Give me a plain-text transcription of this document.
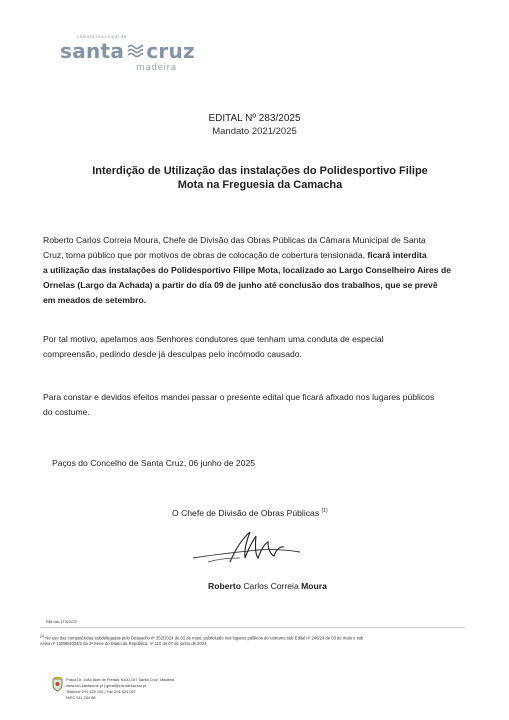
câmara municipal de
santa cruz
madeira
EDITAL Nº 283/2025
Mandato 2021/2025
Interdição de Utilização das instalações do Polidesportivo Filipe
Mota na Freguesia da Camacha
Roberto Carlos Correia Moura, Chefe de Divisão das Obras Públicas da Câmara Municipal de Santa
Cruz, torna público que por motivos de obras de colocação de cobertura tensionada, ficará interdita
a utilização das instalações do Polidesportivo Filipe Mota, localizado ao Largo Conselheiro Aires de
Ornelas (Largo da Achada) a partir do dia 09 de junho até conclusão dos trabalhos, que se prevê
em meados de setembro.
Por tal motivo, apelamos aos Senhores condutores que tenham uma conduta de especial
compreensão, pedindo desde já desculpas pelo incómodo causado.
Para constar e devidos efeitos mandei passar o presente edital que ficará afixado nos lugares públicos
do costume.
Paços do Concelho de Santa Cruz, 06 junho de 2025
O Chefe de Divisão de Obras Públicas $^{(1)}$
Roberto Carlos Correia Moura
RM /ab.17322/25
$^{(1)}$ No uso das competências subdelegadas pelo Despacho nº 352/2024 de 02 de maio, publicitado nos lugares públicos do costume sob Edital nº 246/24 de 03 de maio e sob
Aviso nº 12098/2024/2 da 2ª Série do Diário da República, nº 110 de 07 de junho de 2024.
Praça Dr. João Abel de Freitas, 9100-157 Santa Cruz, Madeira
www.cm-santacruz.pt | geral@cm-santacruz.pt
Telefone 291 520 100 | Fax 291 524 067
NIPC 511 244 68
